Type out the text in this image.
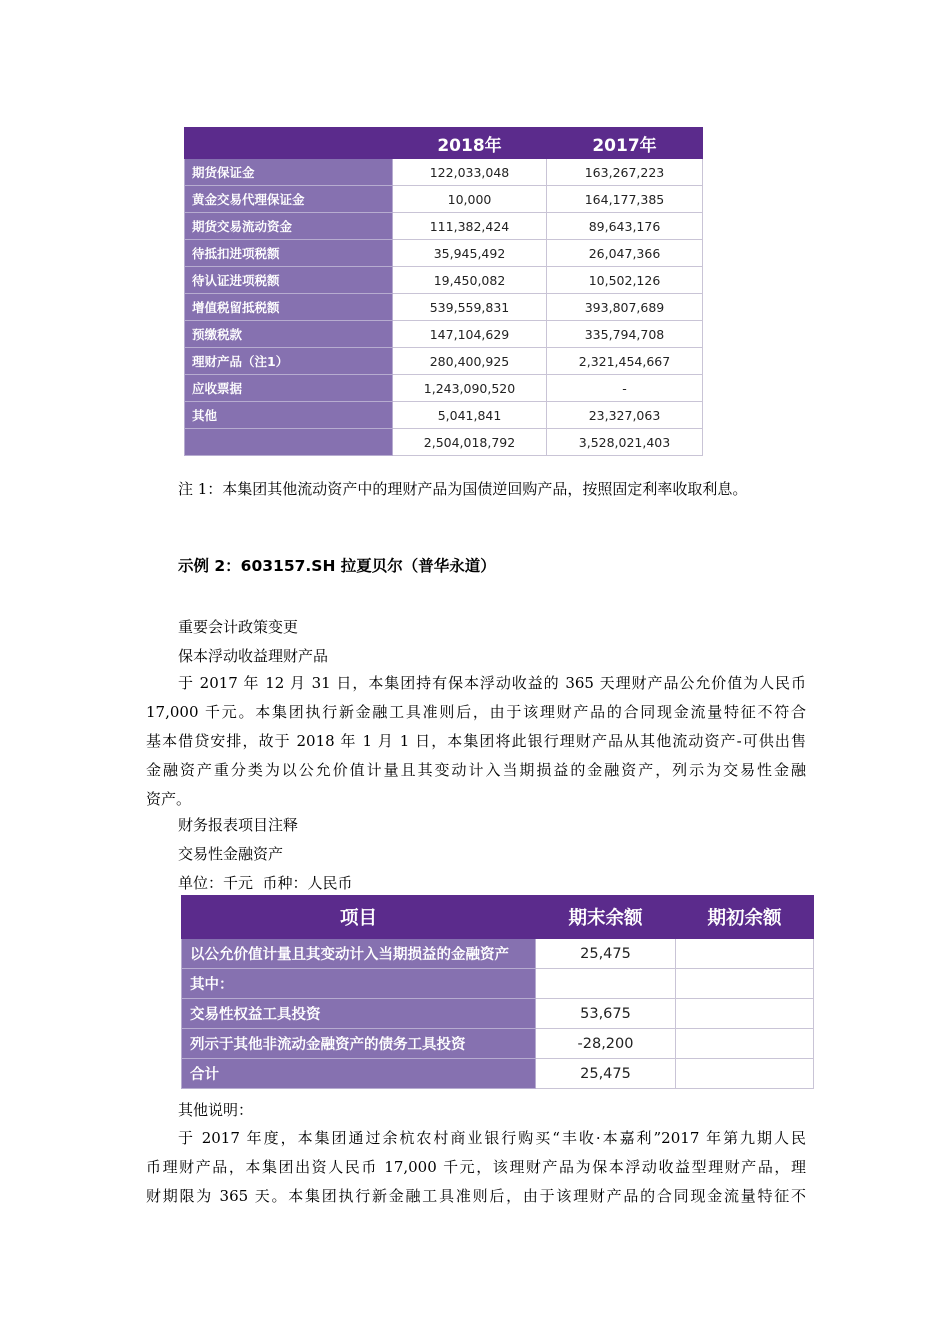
	2018年	2017年
期货保证金	122,033,048	163,267,223
黄金交易代理保证金	10,000	164,177,385
期货交易流动资金	111,382,424	89,643,176
待抵扣进项税额	35,945,492	26,047,366
待认证进项税额	19,450,082	10,502,126
增值税留抵税额	539,559,831	393,807,689
预缴税款	147,104,629	335,794,708
理财产品（注1）	280,400,925	2,321,454,667
应收票据	1,243,090,520	-
其他	5,041,841	23,327,063
	2,504,018,792	3,528,021,403
注 1：本集团其他流动资产中的理财产品为国债逆回购产品，按照固定利率收取利息。
示例 2：603157.SH 拉夏贝尔（普华永道）
重要会计政策变更
保本浮动收益理财产品
于 2017 年 12 月 31 日，本集团持有保本浮动收益的 365 天理财产品公允价值为人民币
17,000 千元。本集团执行新金融工具准则后，由于该理财产品的合同现金流量特征不符合
基本借贷安排，故于 2018 年 1 月 1 日，本集团将此银行理财产品从其他流动资产-可供出售
金融资产重分类为以公允价值计量且其变动计入当期损益的金融资产，列示为交易性金融
资产。
财务报表项目注释
交易性金融资产
单位：千元  币种：人民币
项目	期末余额	期初余额
以公允价值计量且其变动计入当期损益的金融资产	25,475	
其中：		
交易性权益工具投资	53,675	
列示于其他非流动金融资产的债务工具投资	-28,200	
合计	25,475	
其他说明：
于 2017 年度，本集团通过余杭农村商业银行购买“丰收·本嘉利”2017 年第九期人民
币理财产品，本集团出资人民币 17,000 千元，该理财产品为保本浮动收益型理财产品，理
财期限为 365 天。本集团执行新金融工具准则后，由于该理财产品的合同现金流量特征不
